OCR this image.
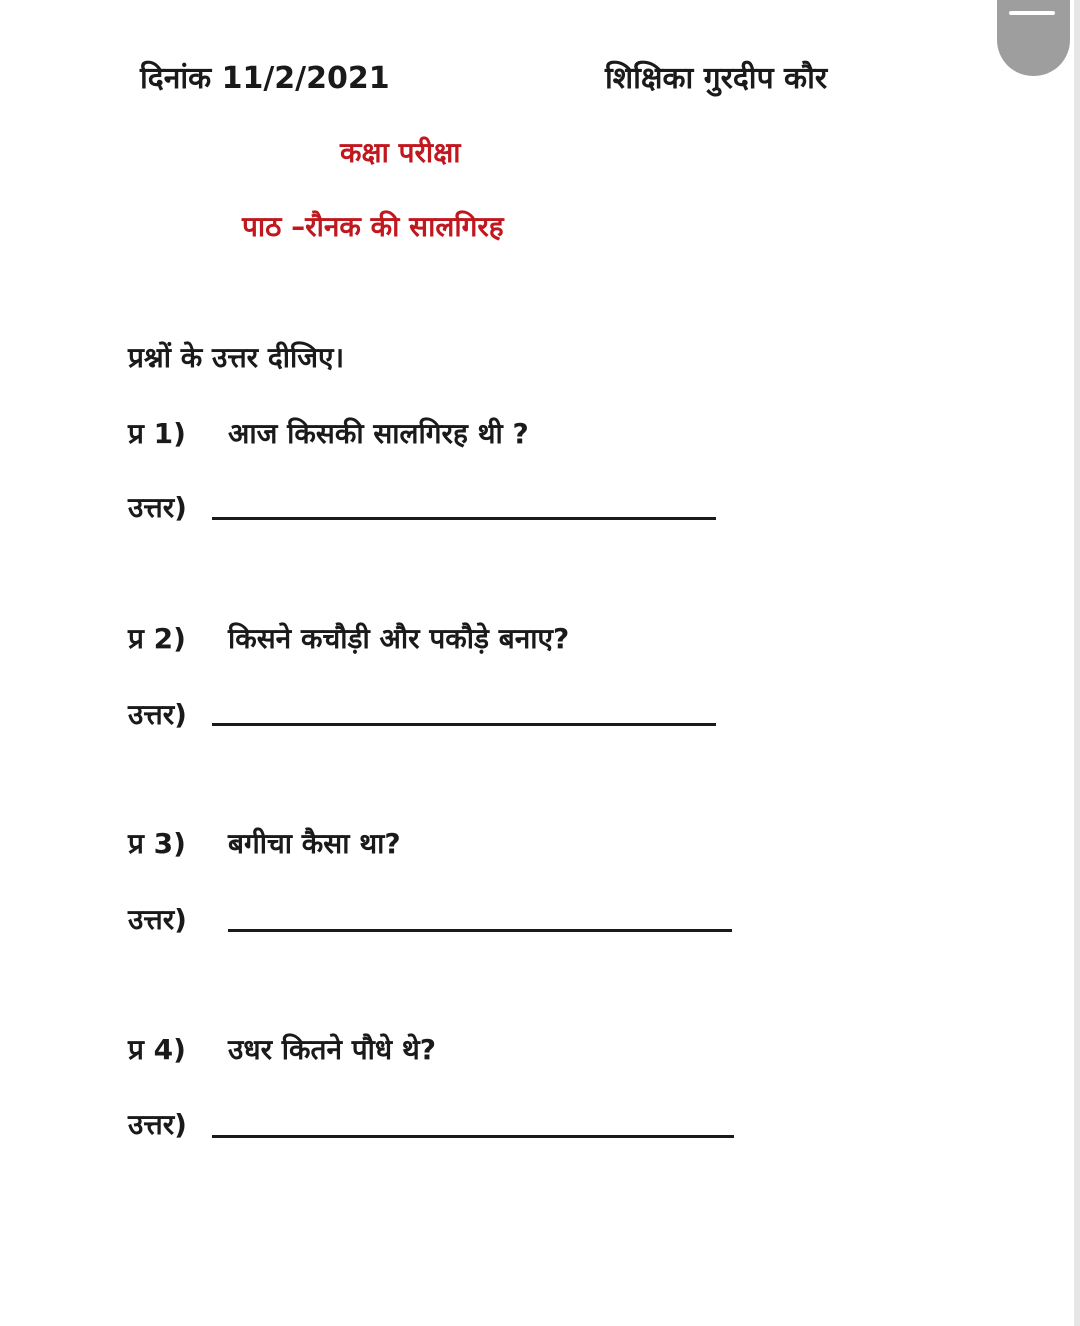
दिनांक 11/2/2021	शिक्षिका गुरदीप कौर
कक्षा परीक्षा
पाठ –रौनक की सालगिरह
प्रश्नों के उत्तर दीजिए।
प्र 1) आज किसकी सालगिरह थी ?
उत्तर)
प्र 2) किसने कचौड़ी और पकौड़े बनाए?
उत्तर)
प्र 3) बगीचा कैसा था?
उत्तर)
प्र 4) उधर कितने पौधे थे?
उत्तर)
